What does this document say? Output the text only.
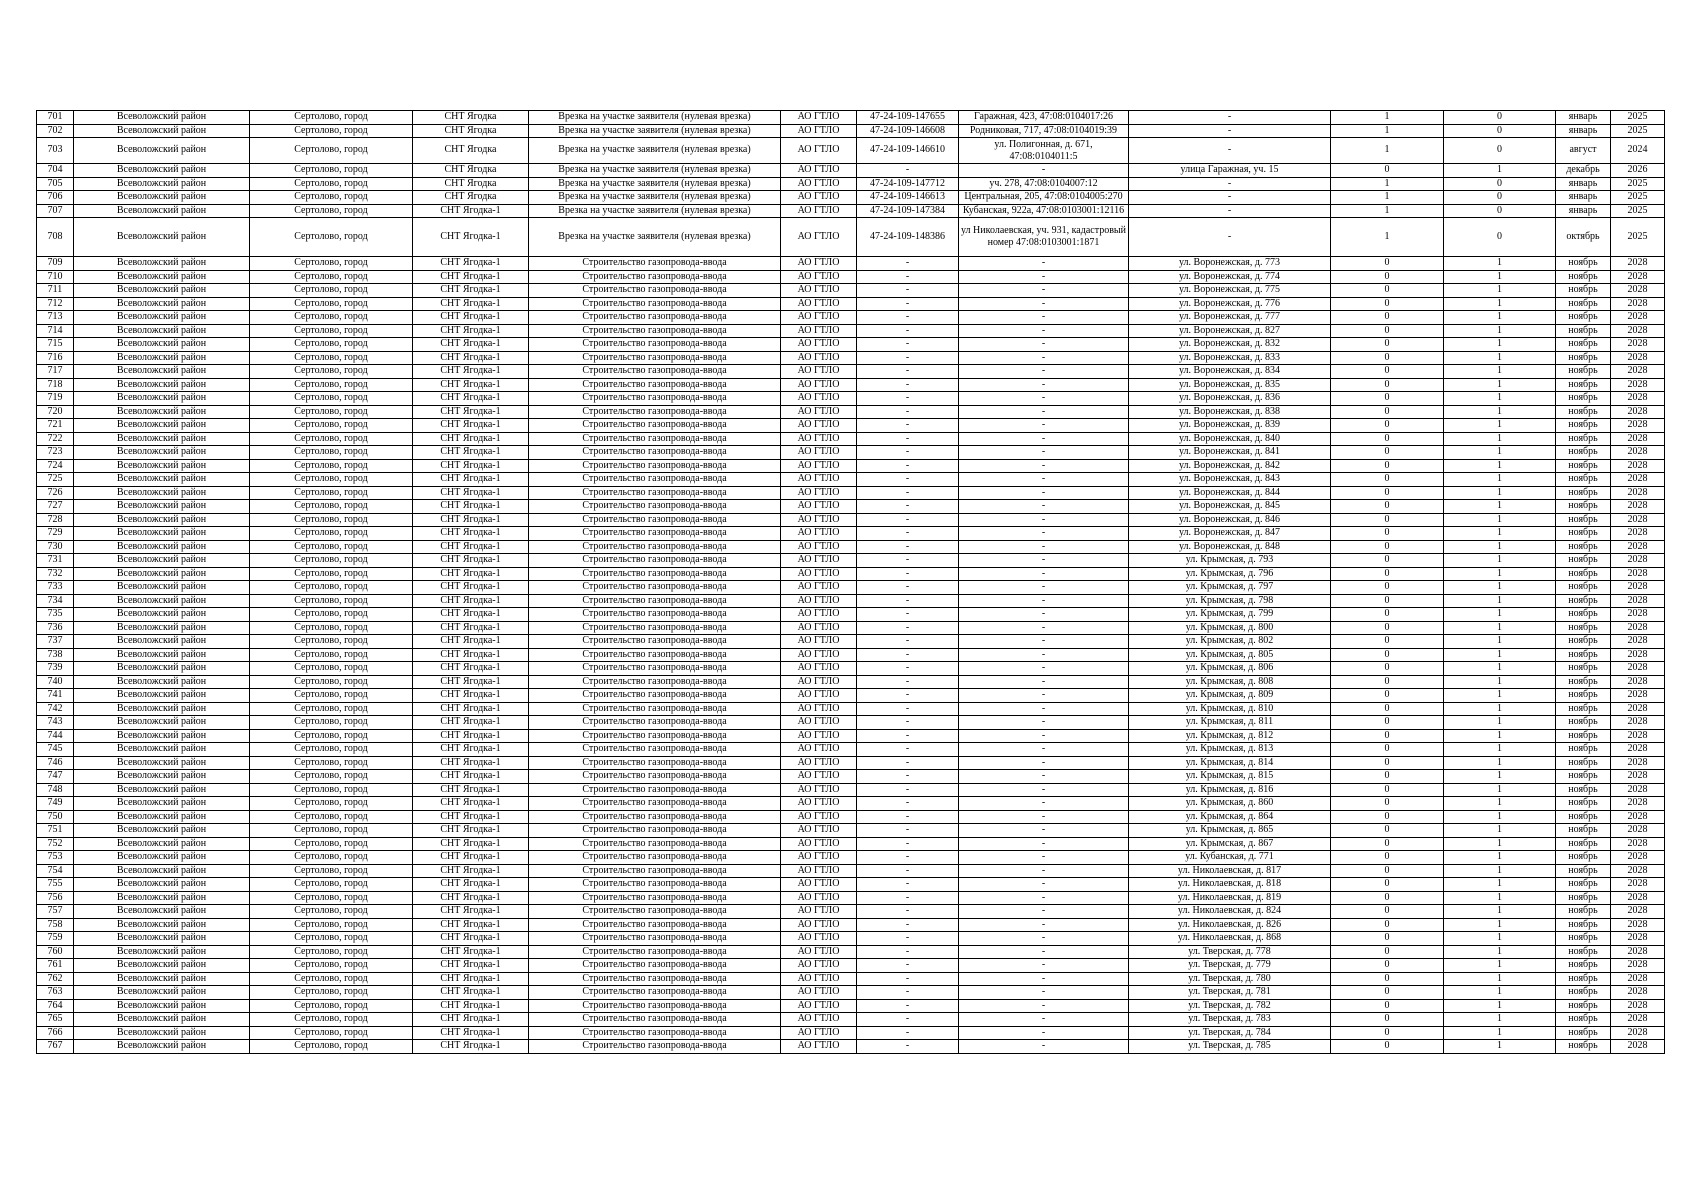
701	Всеволожский район	Сертолово, город	СНТ Ягодка	Врезка на участке заявителя (нулевая врезка)	АО ГТЛО	47-24-109-147655	Гаражная, 423, 47:08:0104017:26	-	1	0	январь	2025
702	Всеволожский район	Сертолово, город	СНТ Ягодка	Врезка на участке заявителя (нулевая врезка)	АО ГТЛО	47-24-109-146608	Родниковая, 717, 47:08:0104019:39	-	1	0	январь	2025
703	Всеволожский район	Сертолово, город	СНТ Ягодка	Врезка на участке заявителя (нулевая врезка)	АО ГТЛО	47-24-109-146610	ул. Полигонная, д. 671, 47:08:0104011:5	-	1	0	август	2024
704	Всеволожский район	Сертолово, город	СНТ Ягодка	Врезка на участке заявителя (нулевая врезка)	АО ГТЛО	-	-	улица Гаражная, уч. 15	0	1	декабрь	2026
705	Всеволожский район	Сертолово, город	СНТ Ягодка	Врезка на участке заявителя (нулевая врезка)	АО ГТЛО	47-24-109-147712	уч. 278, 47:08:0104007:12	-	1	0	январь	2025
706	Всеволожский район	Сертолово, город	СНТ Ягодка	Врезка на участке заявителя (нулевая врезка)	АО ГТЛО	47-24-109-146613	Центральная, 205, 47:08:0104005:270	-	1	0	январь	2025
707	Всеволожский район	Сертолово, город	СНТ Ягодка-1	Врезка на участке заявителя (нулевая врезка)	АО ГТЛО	47-24-109-147384	Кубанская, 922а, 47:08:0103001:12116	-	1	0	январь	2025
708	Всеволожский район	Сертолово, город	СНТ Ягодка-1	Врезка на участке заявителя (нулевая врезка)	АО ГТЛО	47-24-109-148386	ул Николаевская, уч. 931, кадастровый номер 47:08:0103001:1871	-	1	0	октябрь	2025
709	Всеволожский район	Сертолово, город	СНТ Ягодка-1	Строительство газопровода-ввода	АО ГТЛО	-	-	ул. Воронежская, д. 773	0	1	ноябрь	2028
710	Всеволожский район	Сертолово, город	СНТ Ягодка-1	Строительство газопровода-ввода	АО ГТЛО	-	-	ул. Воронежская, д. 774	0	1	ноябрь	2028
711	Всеволожский район	Сертолово, город	СНТ Ягодка-1	Строительство газопровода-ввода	АО ГТЛО	-	-	ул. Воронежская, д. 775	0	1	ноябрь	2028
712	Всеволожский район	Сертолово, город	СНТ Ягодка-1	Строительство газопровода-ввода	АО ГТЛО	-	-	ул. Воронежская, д. 776	0	1	ноябрь	2028
713	Всеволожский район	Сертолово, город	СНТ Ягодка-1	Строительство газопровода-ввода	АО ГТЛО	-	-	ул. Воронежская, д. 777	0	1	ноябрь	2028
714	Всеволожский район	Сертолово, город	СНТ Ягодка-1	Строительство газопровода-ввода	АО ГТЛО	-	-	ул. Воронежская, д. 827	0	1	ноябрь	2028
715	Всеволожский район	Сертолово, город	СНТ Ягодка-1	Строительство газопровода-ввода	АО ГТЛО	-	-	ул. Воронежская, д. 832	0	1	ноябрь	2028
716	Всеволожский район	Сертолово, город	СНТ Ягодка-1	Строительство газопровода-ввода	АО ГТЛО	-	-	ул. Воронежская, д. 833	0	1	ноябрь	2028
717	Всеволожский район	Сертолово, город	СНТ Ягодка-1	Строительство газопровода-ввода	АО ГТЛО	-	-	ул. Воронежская, д. 834	0	1	ноябрь	2028
718	Всеволожский район	Сертолово, город	СНТ Ягодка-1	Строительство газопровода-ввода	АО ГТЛО	-	-	ул. Воронежская, д. 835	0	1	ноябрь	2028
719	Всеволожский район	Сертолово, город	СНТ Ягодка-1	Строительство газопровода-ввода	АО ГТЛО	-	-	ул. Воронежская, д. 836	0	1	ноябрь	2028
720	Всеволожский район	Сертолово, город	СНТ Ягодка-1	Строительство газопровода-ввода	АО ГТЛО	-	-	ул. Воронежская, д. 838	0	1	ноябрь	2028
721	Всеволожский район	Сертолово, город	СНТ Ягодка-1	Строительство газопровода-ввода	АО ГТЛО	-	-	ул. Воронежская, д. 839	0	1	ноябрь	2028
722	Всеволожский район	Сертолово, город	СНТ Ягодка-1	Строительство газопровода-ввода	АО ГТЛО	-	-	ул. Воронежская, д. 840	0	1	ноябрь	2028
723	Всеволожский район	Сертолово, город	СНТ Ягодка-1	Строительство газопровода-ввода	АО ГТЛО	-	-	ул. Воронежская, д. 841	0	1	ноябрь	2028
724	Всеволожский район	Сертолово, город	СНТ Ягодка-1	Строительство газопровода-ввода	АО ГТЛО	-	-	ул. Воронежская, д. 842	0	1	ноябрь	2028
725	Всеволожский район	Сертолово, город	СНТ Ягодка-1	Строительство газопровода-ввода	АО ГТЛО	-	-	ул. Воронежская, д. 843	0	1	ноябрь	2028
726	Всеволожский район	Сертолово, город	СНТ Ягодка-1	Строительство газопровода-ввода	АО ГТЛО	-	-	ул. Воронежская, д. 844	0	1	ноябрь	2028
727	Всеволожский район	Сертолово, город	СНТ Ягодка-1	Строительство газопровода-ввода	АО ГТЛО	-	-	ул. Воронежская, д. 845	0	1	ноябрь	2028
728	Всеволожский район	Сертолово, город	СНТ Ягодка-1	Строительство газопровода-ввода	АО ГТЛО	-	-	ул. Воронежская, д. 846	0	1	ноябрь	2028
729	Всеволожский район	Сертолово, город	СНТ Ягодка-1	Строительство газопровода-ввода	АО ГТЛО	-	-	ул. Воронежская, д. 847	0	1	ноябрь	2028
730	Всеволожский район	Сертолово, город	СНТ Ягодка-1	Строительство газопровода-ввода	АО ГТЛО	-	-	ул. Воронежская, д. 848	0	1	ноябрь	2028
731	Всеволожский район	Сертолово, город	СНТ Ягодка-1	Строительство газопровода-ввода	АО ГТЛО	-	-	ул. Крымская, д. 793	0	1	ноябрь	2028
732	Всеволожский район	Сертолово, город	СНТ Ягодка-1	Строительство газопровода-ввода	АО ГТЛО	-	-	ул. Крымская, д. 796	0	1	ноябрь	2028
733	Всеволожский район	Сертолово, город	СНТ Ягодка-1	Строительство газопровода-ввода	АО ГТЛО	-	-	ул. Крымская, д. 797	0	1	ноябрь	2028
734	Всеволожский район	Сертолово, город	СНТ Ягодка-1	Строительство газопровода-ввода	АО ГТЛО	-	-	ул. Крымская, д. 798	0	1	ноябрь	2028
735	Всеволожский район	Сертолово, город	СНТ Ягодка-1	Строительство газопровода-ввода	АО ГТЛО	-	-	ул. Крымская, д. 799	0	1	ноябрь	2028
736	Всеволожский район	Сертолово, город	СНТ Ягодка-1	Строительство газопровода-ввода	АО ГТЛО	-	-	ул. Крымская, д. 800	0	1	ноябрь	2028
737	Всеволожский район	Сертолово, город	СНТ Ягодка-1	Строительство газопровода-ввода	АО ГТЛО	-	-	ул. Крымская, д. 802	0	1	ноябрь	2028
738	Всеволожский район	Сертолово, город	СНТ Ягодка-1	Строительство газопровода-ввода	АО ГТЛО	-	-	ул. Крымская, д. 805	0	1	ноябрь	2028
739	Всеволожский район	Сертолово, город	СНТ Ягодка-1	Строительство газопровода-ввода	АО ГТЛО	-	-	ул. Крымская, д. 806	0	1	ноябрь	2028
740	Всеволожский район	Сертолово, город	СНТ Ягодка-1	Строительство газопровода-ввода	АО ГТЛО	-	-	ул. Крымская, д. 808	0	1	ноябрь	2028
741	Всеволожский район	Сертолово, город	СНТ Ягодка-1	Строительство газопровода-ввода	АО ГТЛО	-	-	ул. Крымская, д. 809	0	1	ноябрь	2028
742	Всеволожский район	Сертолово, город	СНТ Ягодка-1	Строительство газопровода-ввода	АО ГТЛО	-	-	ул. Крымская, д. 810	0	1	ноябрь	2028
743	Всеволожский район	Сертолово, город	СНТ Ягодка-1	Строительство газопровода-ввода	АО ГТЛО	-	-	ул. Крымская, д. 811	0	1	ноябрь	2028
744	Всеволожский район	Сертолово, город	СНТ Ягодка-1	Строительство газопровода-ввода	АО ГТЛО	-	-	ул. Крымская, д. 812	0	1	ноябрь	2028
745	Всеволожский район	Сертолово, город	СНТ Ягодка-1	Строительство газопровода-ввода	АО ГТЛО	-	-	ул. Крымская, д. 813	0	1	ноябрь	2028
746	Всеволожский район	Сертолово, город	СНТ Ягодка-1	Строительство газопровода-ввода	АО ГТЛО	-	-	ул. Крымская, д. 814	0	1	ноябрь	2028
747	Всеволожский район	Сертолово, город	СНТ Ягодка-1	Строительство газопровода-ввода	АО ГТЛО	-	-	ул. Крымская, д. 815	0	1	ноябрь	2028
748	Всеволожский район	Сертолово, город	СНТ Ягодка-1	Строительство газопровода-ввода	АО ГТЛО	-	-	ул. Крымская, д. 816	0	1	ноябрь	2028
749	Всеволожский район	Сертолово, город	СНТ Ягодка-1	Строительство газопровода-ввода	АО ГТЛО	-	-	ул. Крымская, д. 860	0	1	ноябрь	2028
750	Всеволожский район	Сертолово, город	СНТ Ягодка-1	Строительство газопровода-ввода	АО ГТЛО	-	-	ул. Крымская, д. 864	0	1	ноябрь	2028
751	Всеволожский район	Сертолово, город	СНТ Ягодка-1	Строительство газопровода-ввода	АО ГТЛО	-	-	ул. Крымская, д. 865	0	1	ноябрь	2028
752	Всеволожский район	Сертолово, город	СНТ Ягодка-1	Строительство газопровода-ввода	АО ГТЛО	-	-	ул. Крымская, д. 867	0	1	ноябрь	2028
753	Всеволожский район	Сертолово, город	СНТ Ягодка-1	Строительство газопровода-ввода	АО ГТЛО	-	-	ул. Кубанская, д. 771	0	1	ноябрь	2028
754	Всеволожский район	Сертолово, город	СНТ Ягодка-1	Строительство газопровода-ввода	АО ГТЛО	-	-	ул. Николаевская, д. 817	0	1	ноябрь	2028
755	Всеволожский район	Сертолово, город	СНТ Ягодка-1	Строительство газопровода-ввода	АО ГТЛО	-	-	ул. Николаевская, д. 818	0	1	ноябрь	2028
756	Всеволожский район	Сертолово, город	СНТ Ягодка-1	Строительство газопровода-ввода	АО ГТЛО	-	-	ул. Николаевская, д. 819	0	1	ноябрь	2028
757	Всеволожский район	Сертолово, город	СНТ Ягодка-1	Строительство газопровода-ввода	АО ГТЛО	-	-	ул. Николаевская, д. 824	0	1	ноябрь	2028
758	Всеволожский район	Сертолово, город	СНТ Ягодка-1	Строительство газопровода-ввода	АО ГТЛО	-	-	ул. Николаевская, д. 826	0	1	ноябрь	2028
759	Всеволожский район	Сертолово, город	СНТ Ягодка-1	Строительство газопровода-ввода	АО ГТЛО	-	-	ул. Николаевская, д. 868	0	1	ноябрь	2028
760	Всеволожский район	Сертолово, город	СНТ Ягодка-1	Строительство газопровода-ввода	АО ГТЛО	-	-	ул. Тверская, д. 778	0	1	ноябрь	2028
761	Всеволожский район	Сертолово, город	СНТ Ягодка-1	Строительство газопровода-ввода	АО ГТЛО	-	-	ул. Тверская, д. 779	0	1	ноябрь	2028
762	Всеволожский район	Сертолово, город	СНТ Ягодка-1	Строительство газопровода-ввода	АО ГТЛО	-	-	ул. Тверская, д. 780	0	1	ноябрь	2028
763	Всеволожский район	Сертолово, город	СНТ Ягодка-1	Строительство газопровода-ввода	АО ГТЛО	-	-	ул. Тверская, д. 781	0	1	ноябрь	2028
764	Всеволожский район	Сертолово, город	СНТ Ягодка-1	Строительство газопровода-ввода	АО ГТЛО	-	-	ул. Тверская, д. 782	0	1	ноябрь	2028
765	Всеволожский район	Сертолово, город	СНТ Ягодка-1	Строительство газопровода-ввода	АО ГТЛО	-	-	ул. Тверская, д. 783	0	1	ноябрь	2028
766	Всеволожский район	Сертолово, город	СНТ Ягодка-1	Строительство газопровода-ввода	АО ГТЛО	-	-	ул. Тверская, д. 784	0	1	ноябрь	2028
767	Всеволожский район	Сертолово, город	СНТ Ягодка-1	Строительство газопровода-ввода	АО ГТЛО	-	-	ул. Тверская, д. 785	0	1	ноябрь	2028
